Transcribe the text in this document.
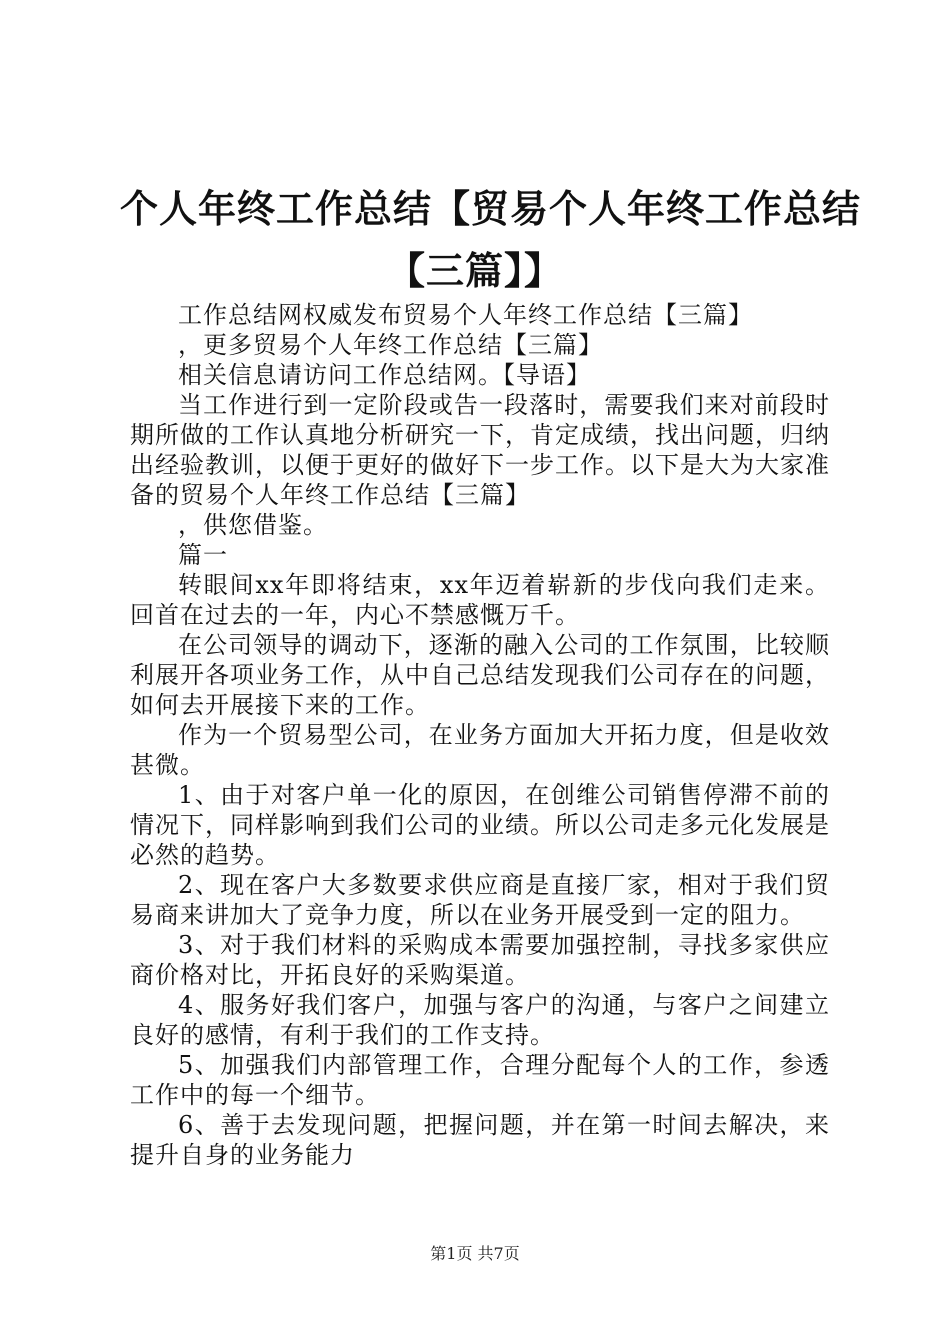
个人年终工作总结【贸易个人年终工作总结
【三篇】】

工作总结网权威发布贸易个人年终工作总结【三篇】

，更多贸易个人年终工作总结【三篇】

相关信息请访问工作总结网。【导语】

当工作进行到一定阶段或告一段落时，需要我们来对前段时期所做的工作认真地分析研究一下，肯定成绩，找出问题，归纳出经验教训，以便于更好的做好下一步工作。以下是大为大家准备的贸易个人年终工作总结【三篇】

，供您借鉴。

篇一

转眼间xx年即将结束，xx年迈着崭新的步伐向我们走来。回首在过去的一年，内心不禁感慨万千。

在公司领导的调动下，逐渐的融入公司的工作氛围，比较顺利展开各项业务工作，从中自己总结发现我们公司存在的问题，如何去开展接下来的工作。

作为一个贸易型公司，在业务方面加大开拓力度，但是收效甚微。

1、由于对客户单一化的原因，在创维公司销售停滞不前的情况下，同样影响到我们公司的业绩。所以公司走多元化发展是必然的趋势。

2、现在客户大多数要求供应商是直接厂家，相对于我们贸易商来讲加大了竞争力度，所以在业务开展受到一定的阻力。

3、对于我们材料的采购成本需要加强控制，寻找多家供应商价格对比，开拓良好的采购渠道。

4、服务好我们客户，加强与客户的沟通，与客户之间建立良好的感情，有利于我们的工作支持。

5、加强我们内部管理工作，合理分配每个人的工作，参透工作中的每一个细节。

6、善于去发现问题，把握问题，并在第一时间去解决，来提升自身的业务能力

第1页 共7页
